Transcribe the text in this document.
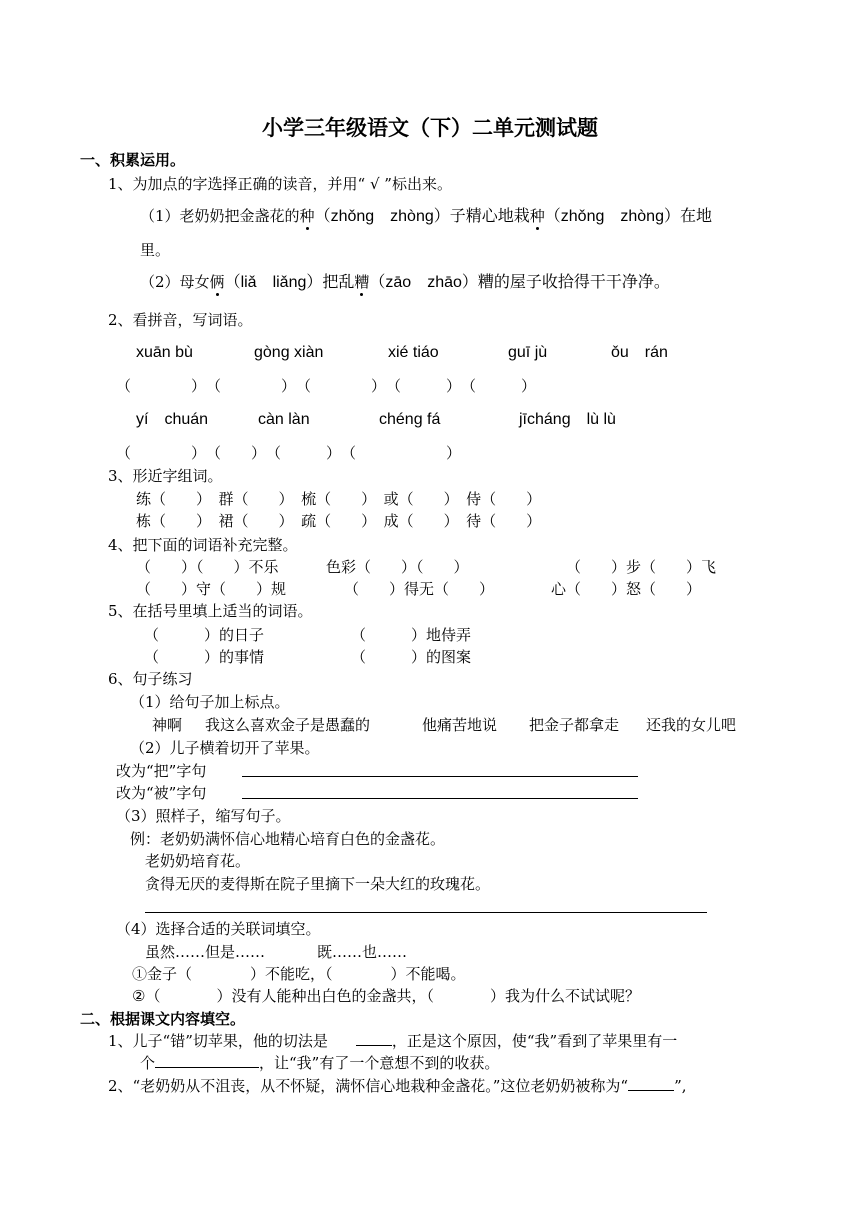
小学三年级语文（下）二单元测试题
一、积累运用。
1、为加点的字选择正确的读音，并用“ √ ”标出来。
（1）老奶奶把金盏花的种（zhǒng　zhòng）子精心地栽种（zhǒng　zhòng）在地
里。
（2）母女俩（liǎ　liǎng）把乱糟（zāo　zhāo）糟的屋子收拾得干干净净。
2、看拼音，写词语。
xuān bù	gòng xiàn	xié tiáo	guī jù	ǒu　rán
（　　　　）　（　　　　）　（　　　　）　（　　　）　（　　　）
yí　chuán	càn làn	chéng fá	jīcháng　lù lù
（　　　　）　（　　）　（　　　）　（　　　　　　）
3、形近字组词。
练（　　）　群（　　）　梳（　　）　或（　　）　侍（　　）
栋（　　）　裙（　　）　疏（　　）　成（　　）　待（　　）
4、把下面的词语补充完整。
（　　）（　　）不乐	色彩（　　）（　　）	（　　）步（　　）飞
（　　）守（　　）规	（　　）得无（　　）	心（　　）怒（　　）
5、在括号里填上适当的词语。
（　　　）的日子	（　　　）地侍弄
（　　　）的事情	（　　　）的图案
6、句子练习
（1）给句子加上标点。
神啊 我这么喜欢金子是愚蠢的	他痛苦地说 把金子都拿走 还我的女儿吧
（2）儿子横着切开了苹果。
改为“把”字句
改为“被”字句
（3）照样子，缩写句子。
例：老奶奶满怀信心地精心培育白色的金盏花。
老奶奶培育花。
贪得无厌的麦得斯在院子里摘下一朵大红的玫瑰花。
（4）选择合适的关联词填空。
虽然……但是……	既……也……
①金子（	）不能吃，（	）不能喝。
②（	）没有人能种出白色的金盏共，（	）我为什么不试试呢？
二、根据课文内容填空。
1、儿子“错”切苹果，他的切法是	，正是这个原因，使“我”看到了苹果里有一
个	，让“我”有了一个意想不到的收获。
2、“老奶奶从不沮丧，从不怀疑，满怀信心地栽种金盏花。”这位老奶奶被称为“	”,
